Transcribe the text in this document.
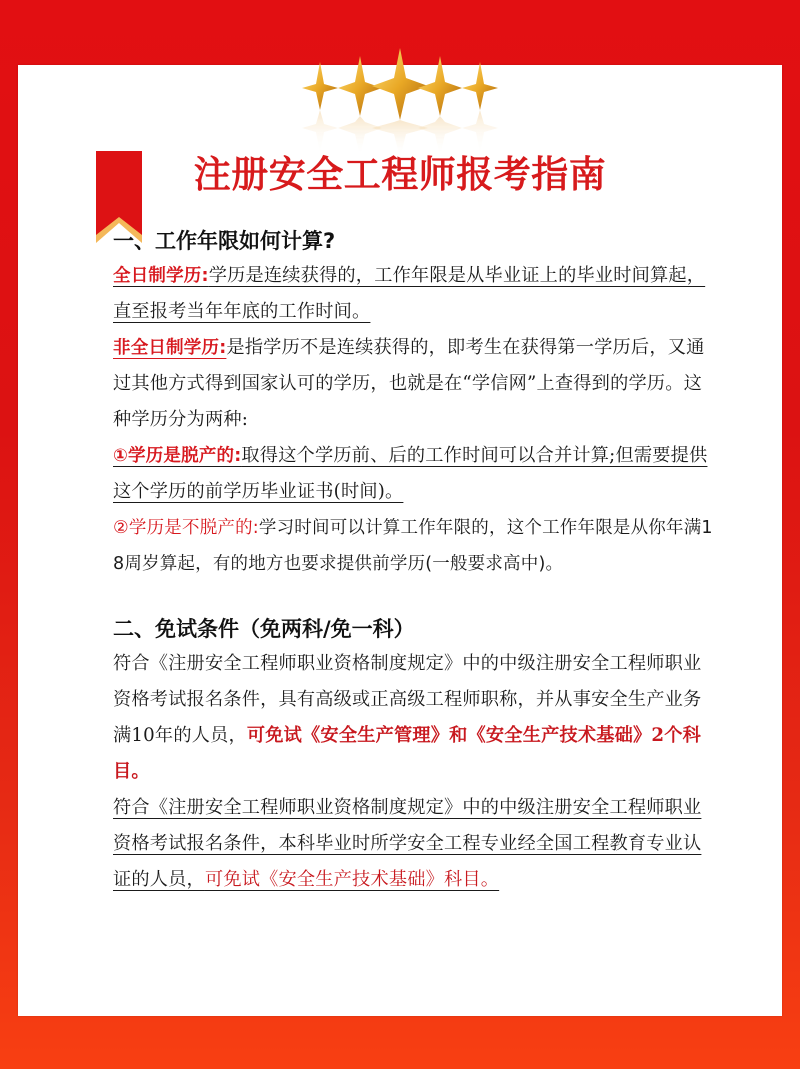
注册安全工程师报考指南
一、工作年限如何计算?
全日制学历:学历是连续获得的，工作年限是从毕业证上的毕业时间算起，直至报考当年年底的工作时间。
非全日制学历:是指学历不是连续获得的，即考生在获得第一学历后，又通过其他方式得到国家认可的学历，也就是在“学信网”上查得到的学历。这种学历分为两种:
①学历是脱产的:取得这个学历前、后的工作时间可以合并计算;但需要提供这个学历的前学历毕业证书(时间)。
②学历是不脱产的:学习时间可以计算工作年限的，这个工作年限是从你年满18周岁算起，有的地方也要求提供前学历(一般要求高中)。
二、免试条件（免两科/免一科）
符合《注册安全工程师职业资格制度规定》中的中级注册安全工程师职业资格考试报名条件，具有高级或正高级工程师职称，并从事安全生产业务满10年的人员，可免试《安全生产管理》和《安全生产技术基础》2个科目。
符合《注册安全工程师职业资格制度规定》中的中级注册安全工程师职业资格考试报名条件，本科毕业时所学安全工程专业经全国工程教育专业认证的人员，可免试《安全生产技术基础》科目。
